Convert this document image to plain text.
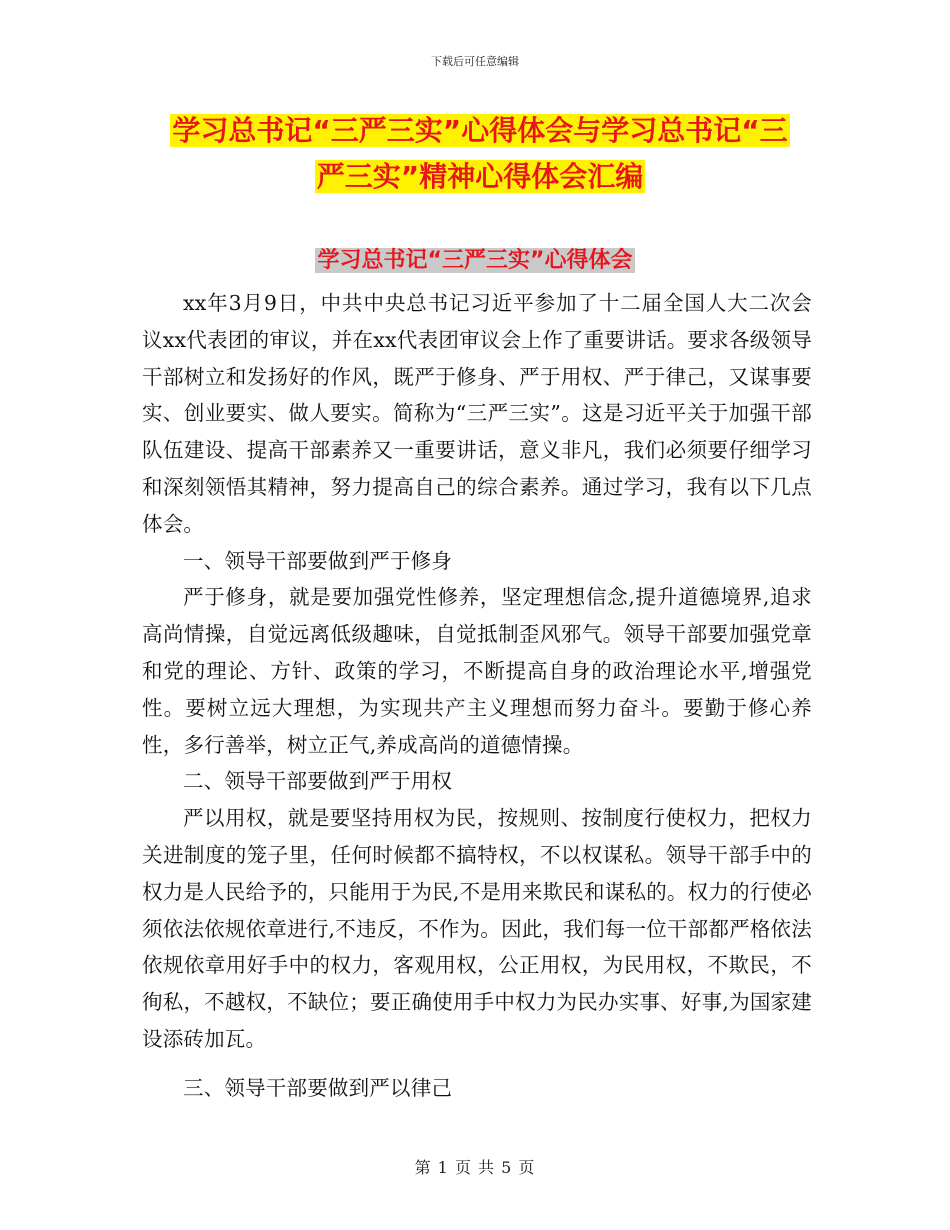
下载后可任意编辑
学习总书记“三严三实”心得体会与学习总书记“三
严三实”精神心得体会汇编
学习总书记“三严三实”心得体会

xx年3月9日，中共中央总书记习近平参加了十二届全国人大二次会议xx代表团的审议，并在xx代表团审议会上作了重要讲话。要求各级领导干部树立和发扬好的作风，既严于修身、严于用权、严于律己，又谋事要实、创业要实、做人要实。简称为“三严三实”。这是习近平关于加强干部队伍建设、提高干部素养又一重要讲话，意义非凡，我们必须要仔细学习和深刻领悟其精神，努力提高自己的综合素养。通过学习，我有以下几点体会。

一、领导干部要做到严于修身

严于修身，就是要加强党性修养，坚定理想信念,提升道德境界,追求高尚情操，自觉远离低级趣味，自觉抵制歪风邪气。领导干部要加强党章和党的理论、方针、政策的学习，不断提高自身的政治理论水平,增强党性。要树立远大理想，为实现共产主义理想而努力奋斗。要勤于修心养性，多行善举，树立正气,养成高尚的道德情操。

二、领导干部要做到严于用权

严以用权，就是要坚持用权为民，按规则、按制度行使权力，把权力关进制度的笼子里，任何时候都不搞特权，不以权谋私。领导干部手中的权力是人民给予的，只能用于为民,不是用来欺民和谋私的。权力的行使必须依法依规依章进行,不违反，不作为。因此，我们每一位干部都严格依法依规依章用好手中的权力，客观用权，公正用权，为民用权，不欺民，不徇私，不越权，不缺位；要正确使用手中权力为民办实事、好事,为国家建设添砖加瓦。

三、领导干部要做到严以律己

第 1 页 共 5 页
